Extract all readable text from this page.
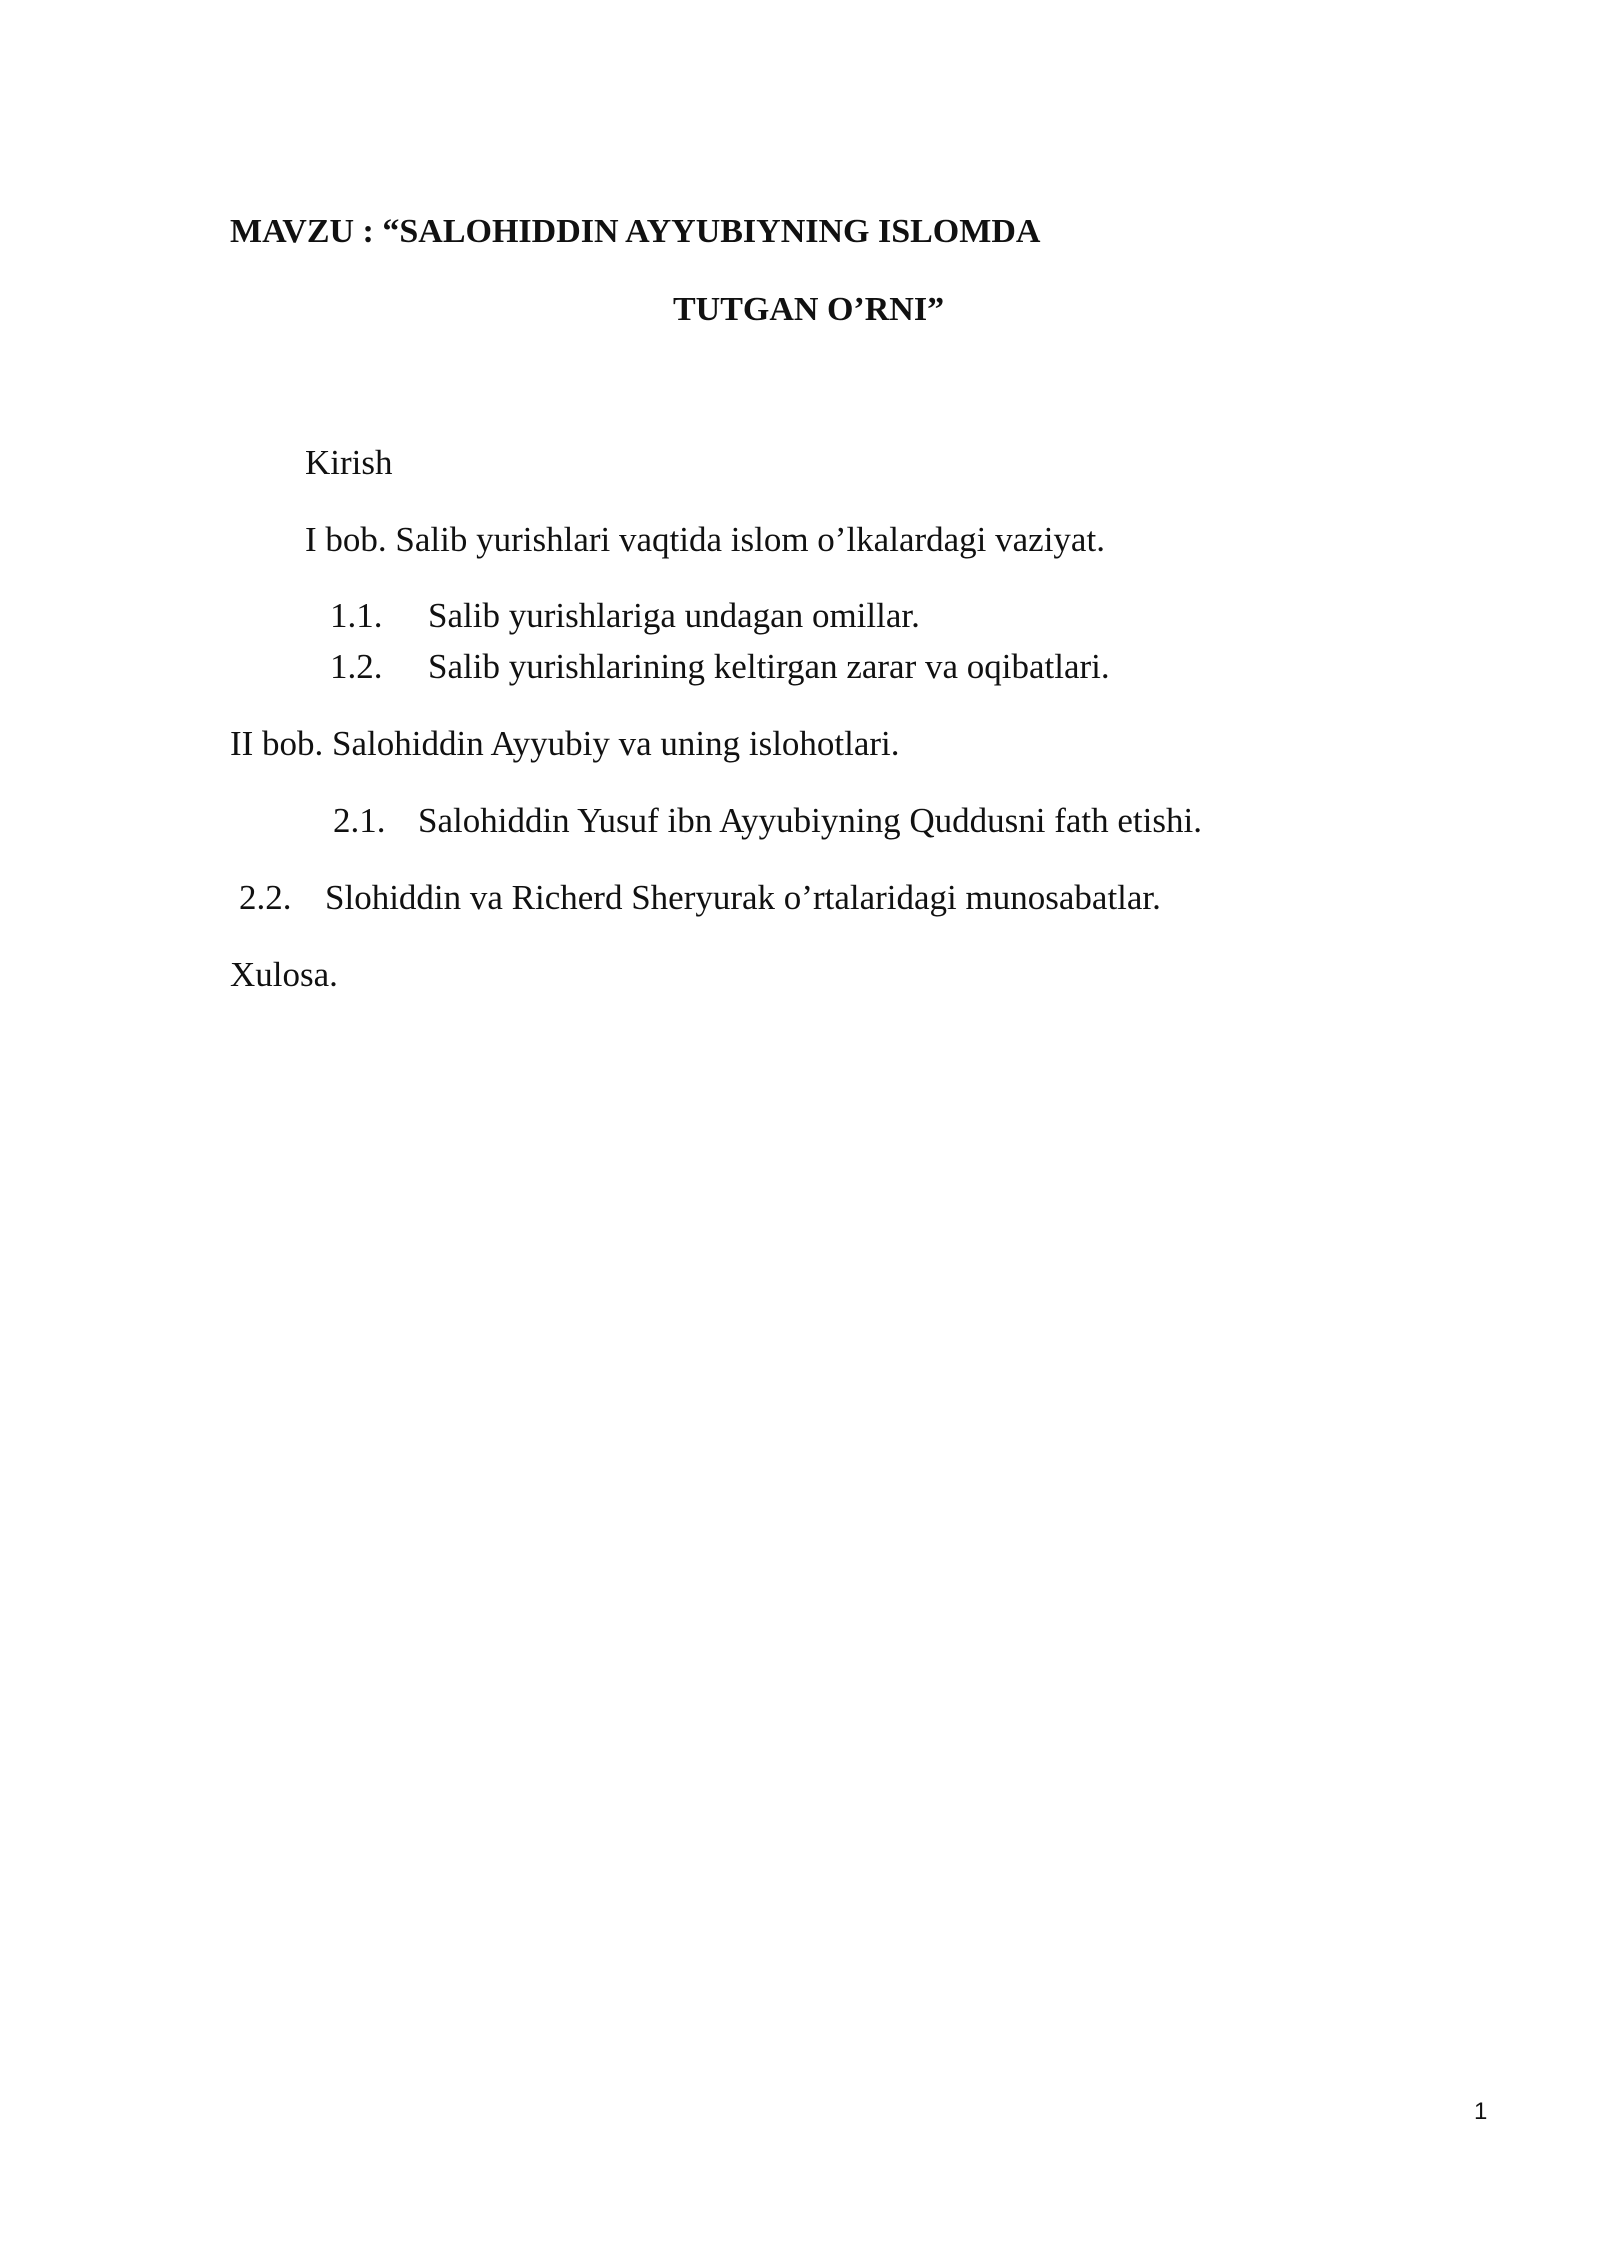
MAVZU : “SALOHIDDIN AYYUBIYNING ISLOMDA
TUTGAN O’RNI”
Kirish
I bob. Salib yurishlari vaqtida islom o’lkalardagi vaziyat.
1.1. Salib yurishlariga undagan omillar.
1.2. Salib yurishlarining keltirgan zarar va oqibatlari.
II bob. Salohiddin Ayyubiy va uning islohotlari.
2.1. Salohiddin Yusuf ibn Ayyubiyning Quddusni fath etishi.
2.2. Slohiddin va Richerd Sheryurak o’rtalaridagi munosabatlar.
Xulosa.
1
